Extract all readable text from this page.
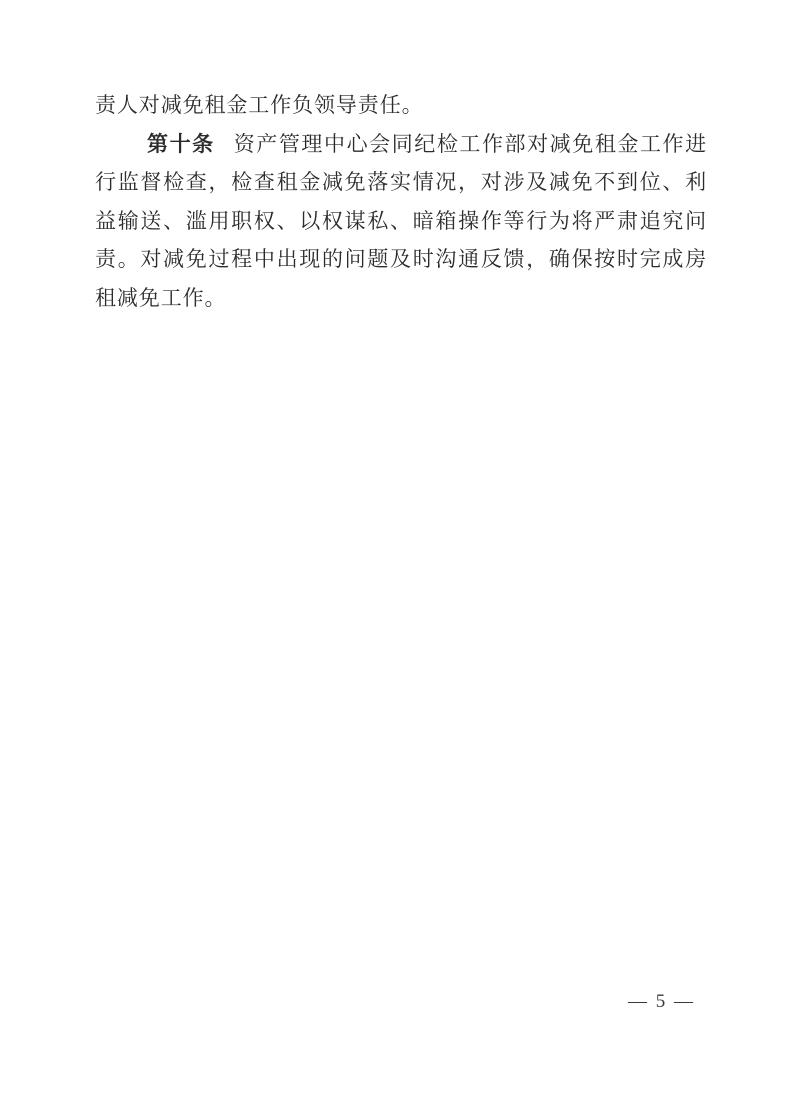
责人对减免租金工作负领导责任。

第十条 资产管理中心会同纪检工作部对减免租金工作进行监督检查，检查租金减免落实情况，对涉及减免不到位、利益输送、滥用职权、以权谋私、暗箱操作等行为将严肃追究问责。对减免过程中出现的问题及时沟通反馈，确保按时完成房租减免工作。

— 5 —
